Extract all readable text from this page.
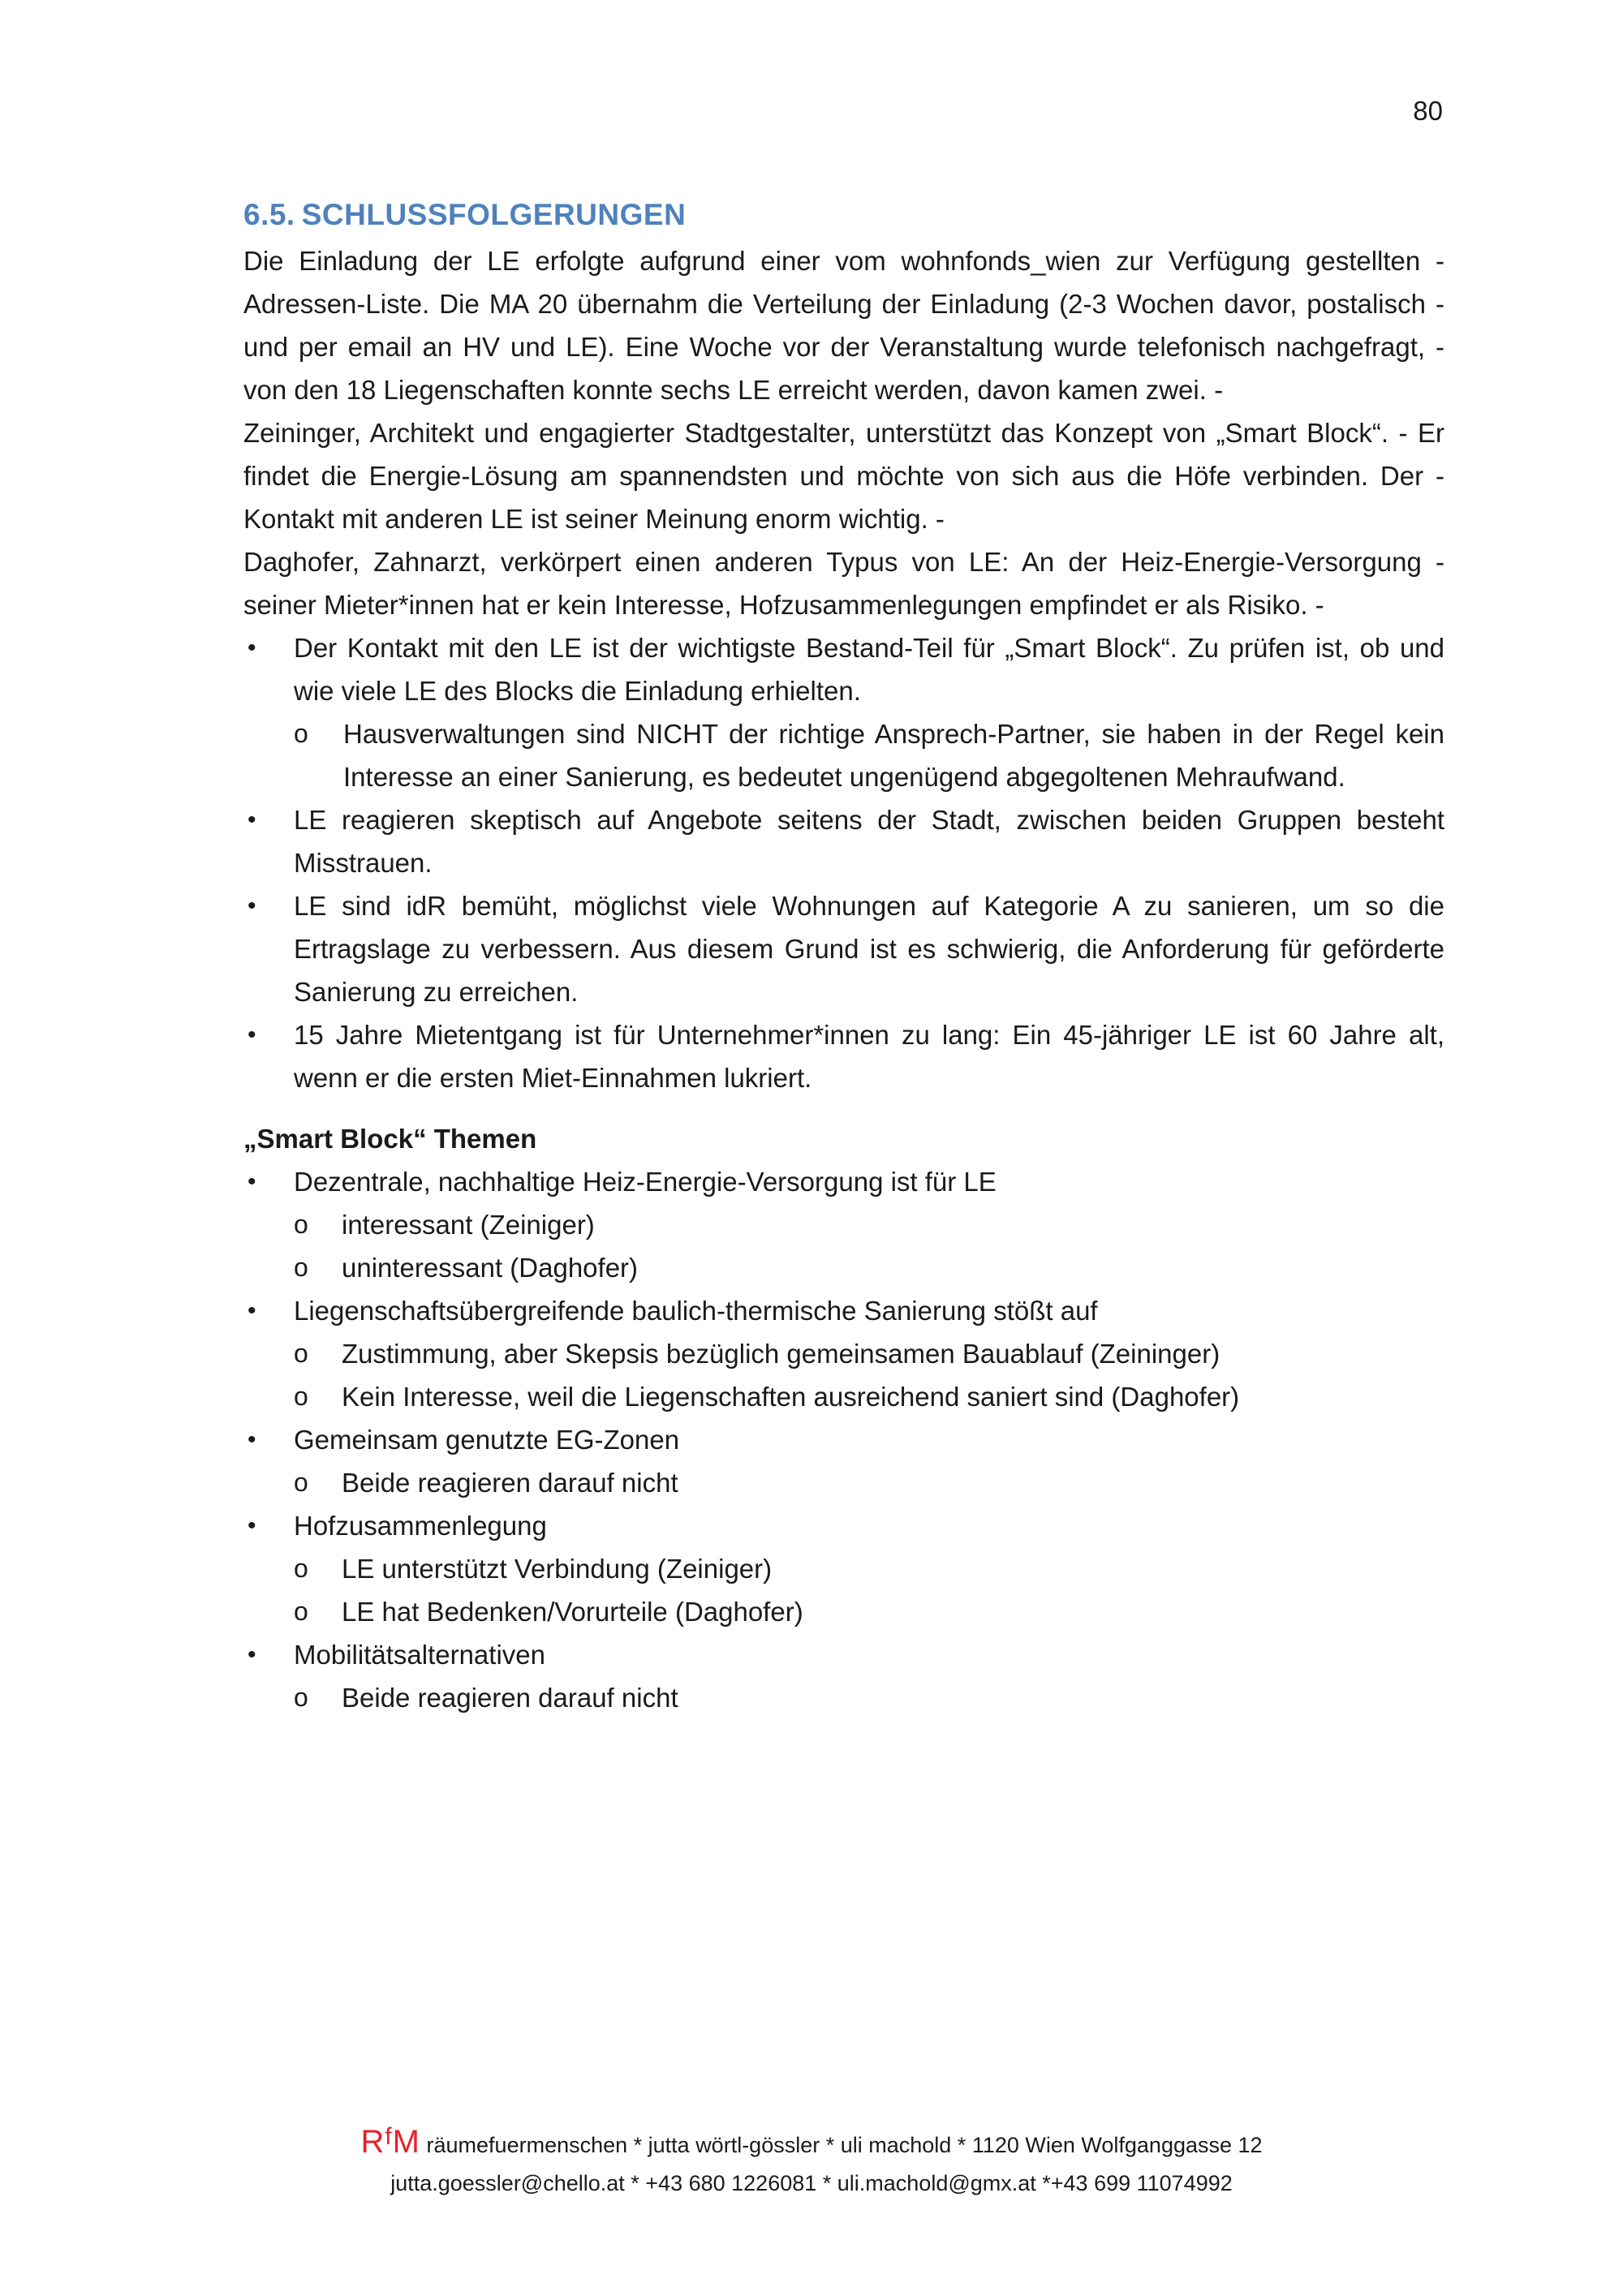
80
6.5. SCHLUSSFOLGERUNGEN

Die Einladung der LE erfolgte aufgrund einer vom wohnfonds_wien zur Verfügung gestellten - Adressen-Liste. Die MA 20 übernahm die Verteilung der Einladung (2-3 Wochen davor, postalisch - und per email an HV und LE). Eine Woche vor der Veranstaltung wurde telefonisch nachgefragt, - von den 18 Liegenschaften konnte sechs LE erreicht werden, davon kamen zwei. -

Zeininger, Architekt und engagierter Stadtgestalter, unterstützt das Konzept von „Smart Block“. - Er findet die Energie-Lösung am spannendsten und möchte von sich aus die Höfe verbinden. Der - Kontakt mit anderen LE ist seiner Meinung enorm wichtig. -

Daghofer, Zahnarzt, verkörpert einen anderen Typus von LE: An der Heiz-Energie-Versorgung - seiner Mieter*innen hat er kein Interesse, Hofzusammenlegungen empfindet er als Risiko. -

• Der Kontakt mit den LE ist der wichtigste Bestand-Teil für „Smart Block“. Zu prüfen ist, ob und wie viele LE des Blocks die Einladung erhielten.
o Hausverwaltungen sind NICHT der richtige Ansprech-Partner, sie haben in der Regel kein Interesse an einer Sanierung, es bedeutet ungenügend abgegoltenen Mehraufwand.
• LE reagieren skeptisch auf Angebote seitens der Stadt, zwischen beiden Gruppen besteht Misstrauen.
• LE sind idR bemüht, möglichst viele Wohnungen auf Kategorie A zu sanieren, um so die Ertragslage zu verbessern. Aus diesem Grund ist es schwierig, die Anforderung für geförderte Sanierung zu erreichen.
• 15 Jahre Mietentgang ist für Unternehmer*innen zu lang: Ein 45-jähriger LE ist 60 Jahre alt, wenn er die ersten Miet-Einnahmen lukriert.
„Smart Block“ Themen
• Dezentrale, nachhaltige Heiz-Energie-Versorgung ist für LE
o interessant (Zeiniger)
o uninteressant (Daghofer)
• Liegenschaftsübergreifende baulich-thermische Sanierung stößt auf
o Zustimmung, aber Skepsis bezüglich gemeinsamen Bauablauf (Zeininger)
o Kein Interesse, weil die Liegenschaften ausreichend saniert sind (Daghofer)
• Gemeinsam genutzte EG-Zonen
o Beide reagieren darauf nicht
• Hofzusammenlegung
o LE unterstützt Verbindung (Zeiniger)
o LE hat Bedenken/Vorurteile (Daghofer)
• Mobilitätsalternativen
o Beide reagieren darauf nicht
$R^fM$ räumefuermenschen * jutta wörtl-gössler * uli machold * 1120 Wien Wolfganggasse 12
jutta.goessler@chello.at * +43 680 1226081 * uli.machold@gmx.at *+43 699 11074992
